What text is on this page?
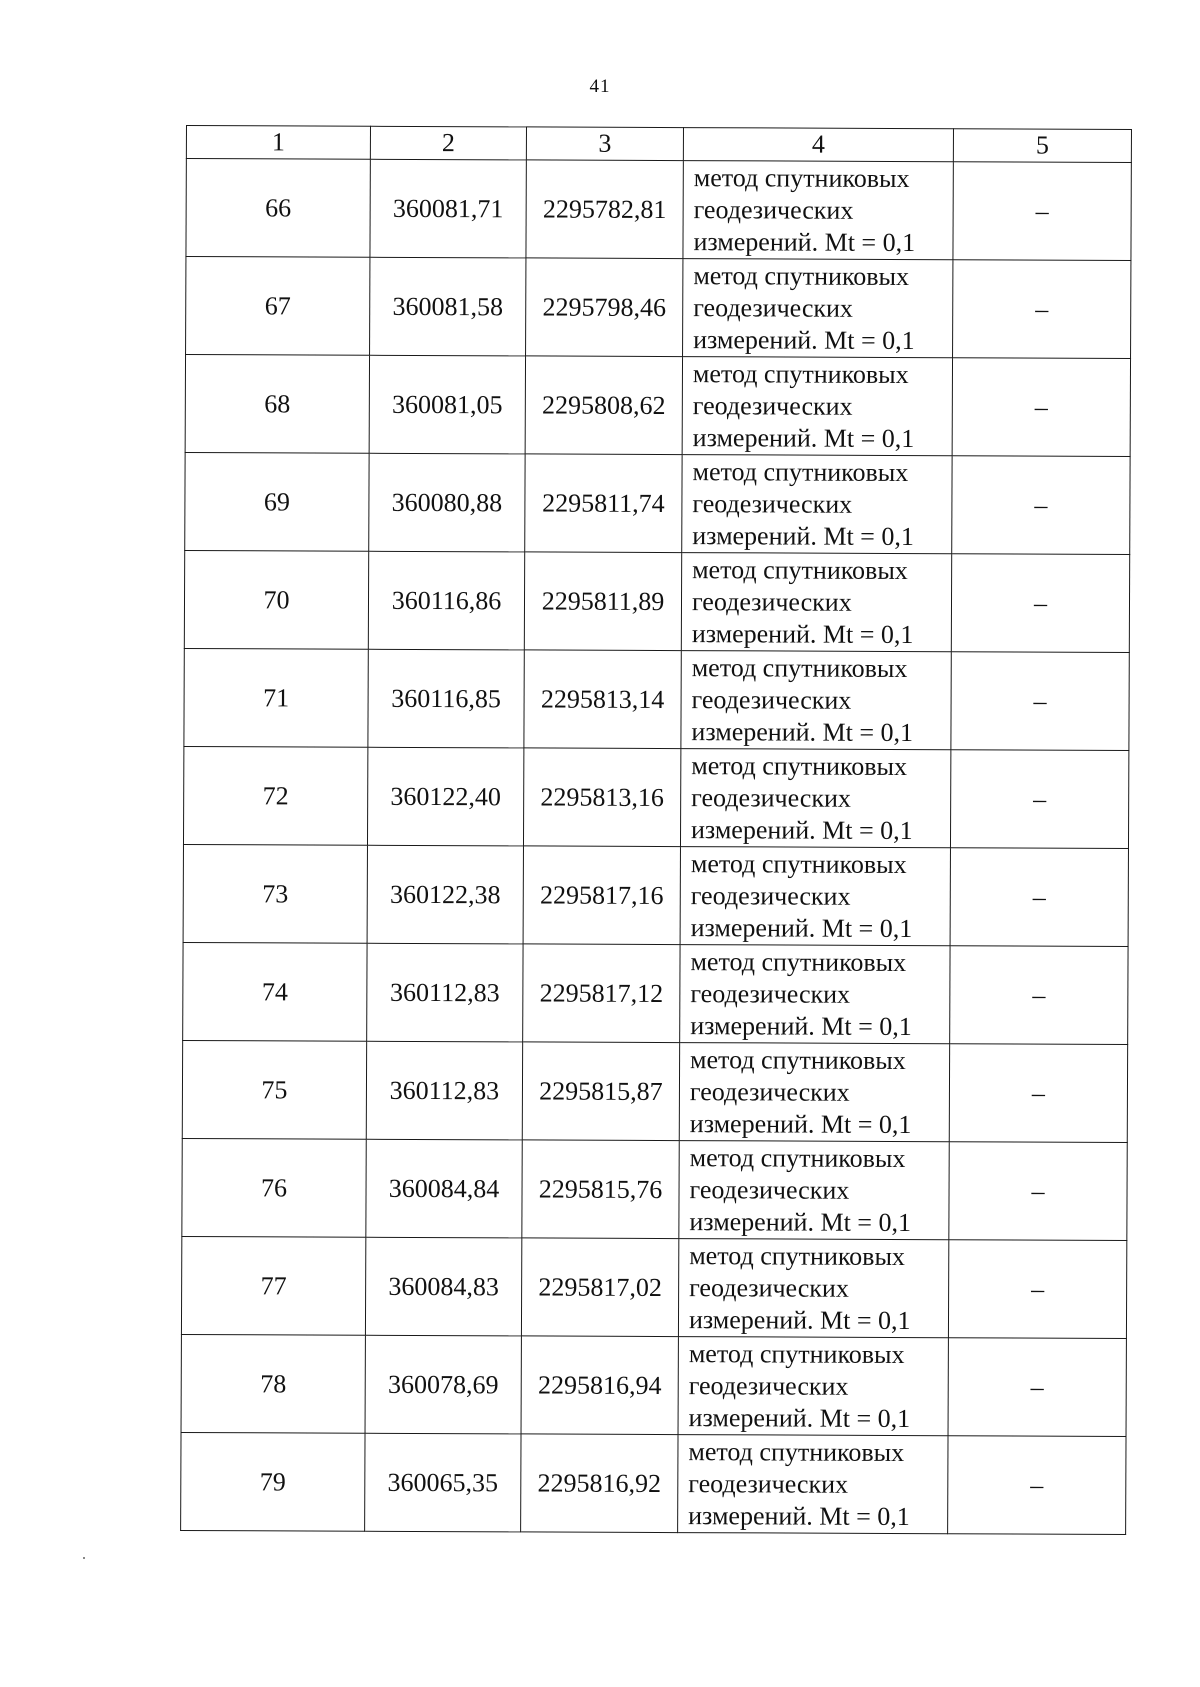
41
1	2	3	4	5
66	360081,71	2295782,81	метод спутниковых
геодезических
измерений. Mt = 0,1	–
67	360081,58	2295798,46	метод спутниковых
геодезических
измерений. Mt = 0,1	–
68	360081,05	2295808,62	метод спутниковых
геодезических
измерений. Mt = 0,1	–
69	360080,88	2295811,74	метод спутниковых
геодезических
измерений. Mt = 0,1	–
70	360116,86	2295811,89	метод спутниковых
геодезических
измерений. Mt = 0,1	–
71	360116,85	2295813,14	метод спутниковых
геодезических
измерений. Mt = 0,1	–
72	360122,40	2295813,16	метод спутниковых
геодезических
измерений. Mt = 0,1	–
73	360122,38	2295817,16	метод спутниковых
геодезических
измерений. Mt = 0,1	–
74	360112,83	2295817,12	метод спутниковых
геодезических
измерений. Mt = 0,1	–
75	360112,83	2295815,87	метод спутниковых
геодезических
измерений. Mt = 0,1	–
76	360084,84	2295815,76	метод спутниковых
геодезических
измерений. Mt = 0,1	–
77	360084,83	2295817,02	метод спутниковых
геодезических
измерений. Mt = 0,1	–
78	360078,69	2295816,94	метод спутниковых
геодезических
измерений. Mt = 0,1	–
79	360065,35	2295816,92	метод спутниковых
геодезических
измерений. Mt = 0,1	–
